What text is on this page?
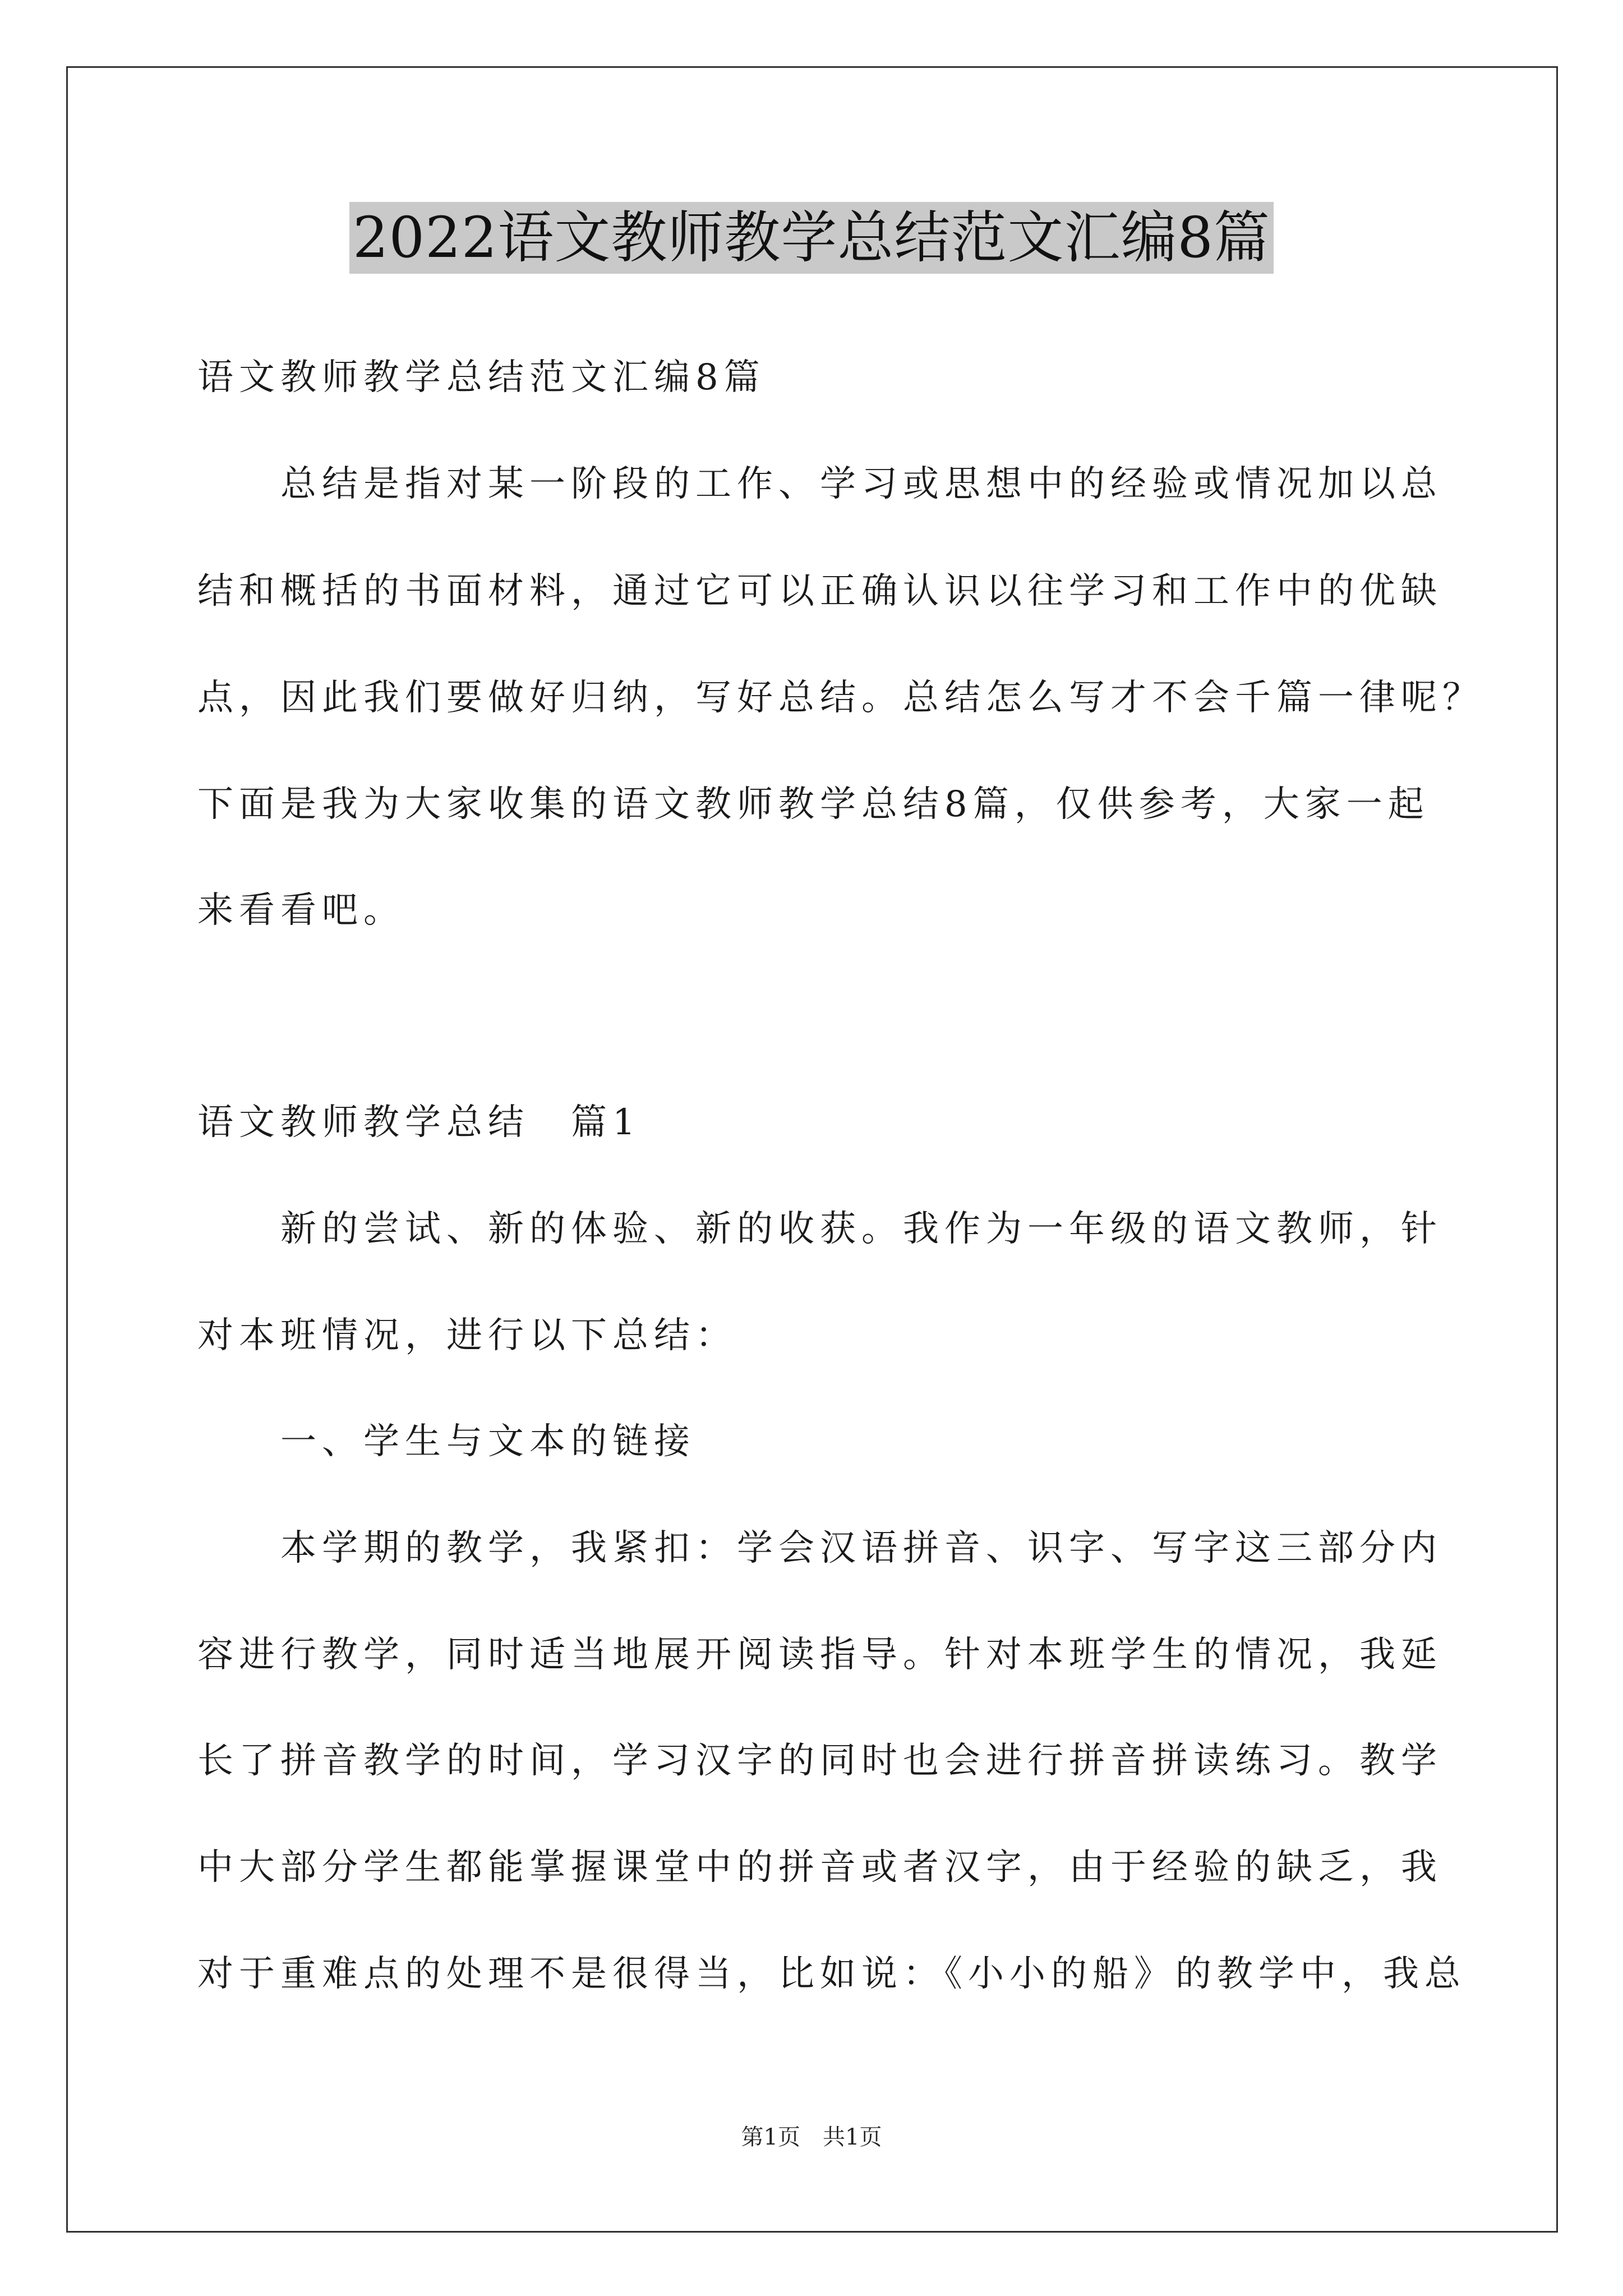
2022语文教师教学总结范文汇编8篇

语文教师教学总结范文汇编8篇

总结是指对某一阶段的工作、学习或思想中的经验或情况加以总

结和概括的书面材料，通过它可以正确认识以往学习和工作中的优缺

点，因此我们要做好归纳，写好总结。总结怎么写才不会千篇一律呢？

下面是我为大家收集的语文教师教学总结8篇，仅供参考，大家一起

来看看吧。

语文教师教学总结　篇1

新的尝试、新的体验、新的收获。我作为一年级的语文教师，针

对本班情况，进行以下总结：

一、学生与文本的链接

本学期的教学，我紧扣：学会汉语拼音、识字、写字这三部分内

容进行教学，同时适当地展开阅读指导。针对本班学生的情况，我延

长了拼音教学的时间，学习汉字的同时也会进行拼音拼读练习。教学

中大部分学生都能掌握课堂中的拼音或者汉字，由于经验的缺乏，我

对于重难点的处理不是很得当，比如说：《小小的船》的教学中，我总

第1页 共1页
